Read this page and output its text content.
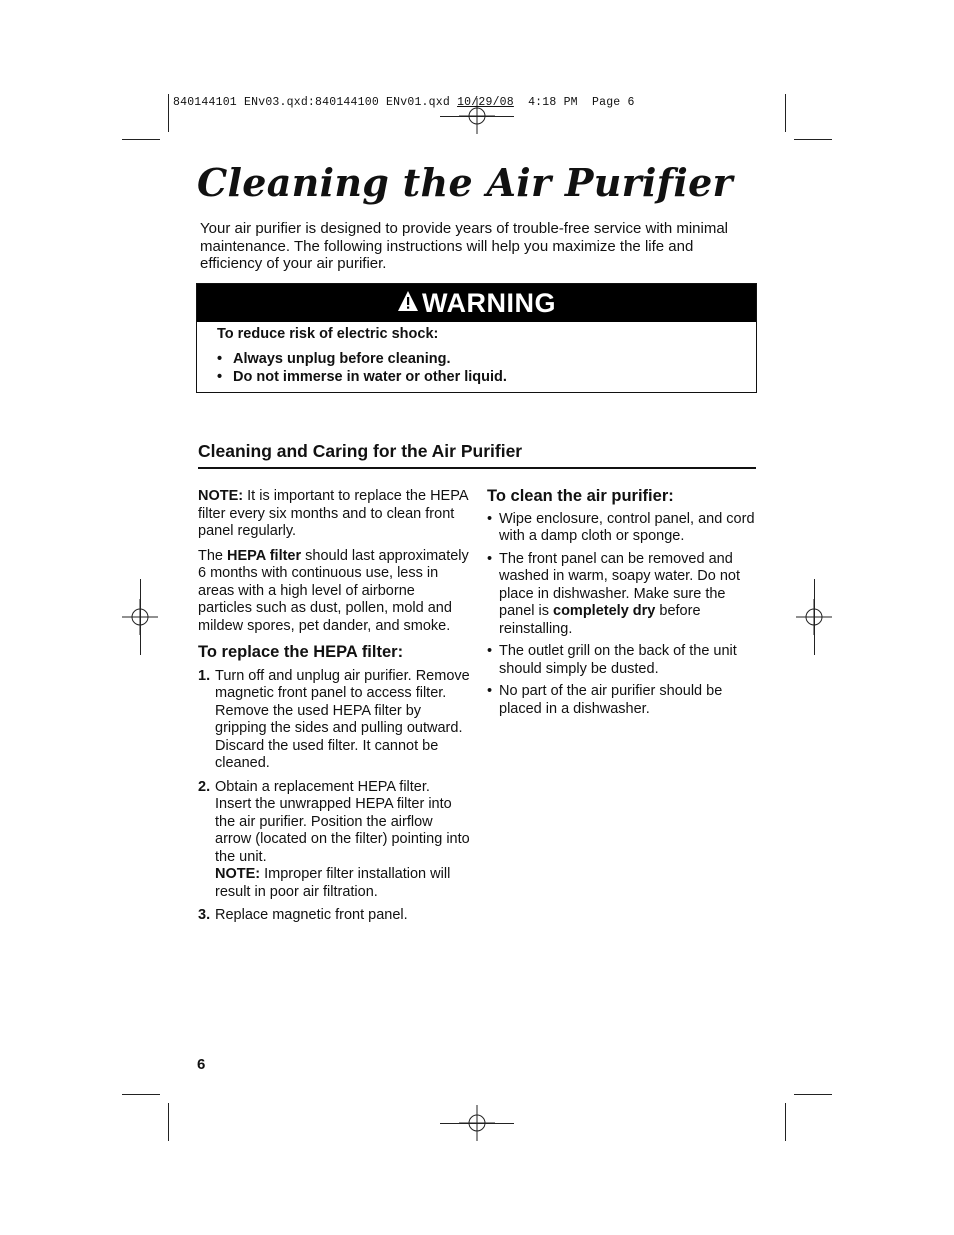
840144101 ENv03.qxd:840144100 ENv01.qxd 10/29/08 4:18 PM  Page 6
Cleaning the Air Purifier

Your air purifier is designed to provide years of trouble-free service with minimal maintenance. The following instructions will help you maximize the life and efficiency of your air purifier.

WARNING

To reduce risk of electric shock:

• Always unplug before cleaning.
• Do not immerse in water or other liquid.
Cleaning and Caring for the Air Purifier

NOTE: It is important to replace the HEPA filter every six months and to clean front panel regularly.

The HEPA filter should last approximately 6 months with continuous use, less in areas with a high level of airborne particles such as dust, pollen, mold and mildew spores, pet dander, and smoke.

To replace the HEPA filter:
1. Turn off and unplug air purifier. Remove magnetic front panel to access filter. Remove the used HEPA filter by gripping the sides and pulling outward. Discard the used filter. It cannot be cleaned.
2. Obtain a replacement HEPA filter. Insert the unwrapped HEPA filter into the air purifier. Position the airflow arrow (located on the filter) pointing into the unit.
NOTE: Improper filter installation will result in poor air filtration.
3. Replace magnetic front panel.
To clean the air purifier:
• Wipe enclosure, control panel, and cord with a damp cloth or sponge.
• The front panel can be removed and washed in warm, soapy water. Do not place in dishwasher. Make sure the panel is completely dry before reinstalling.
• The outlet grill on the back of the unit should simply be dusted.
• No part of the air purifier should be placed in a dishwasher.
6
